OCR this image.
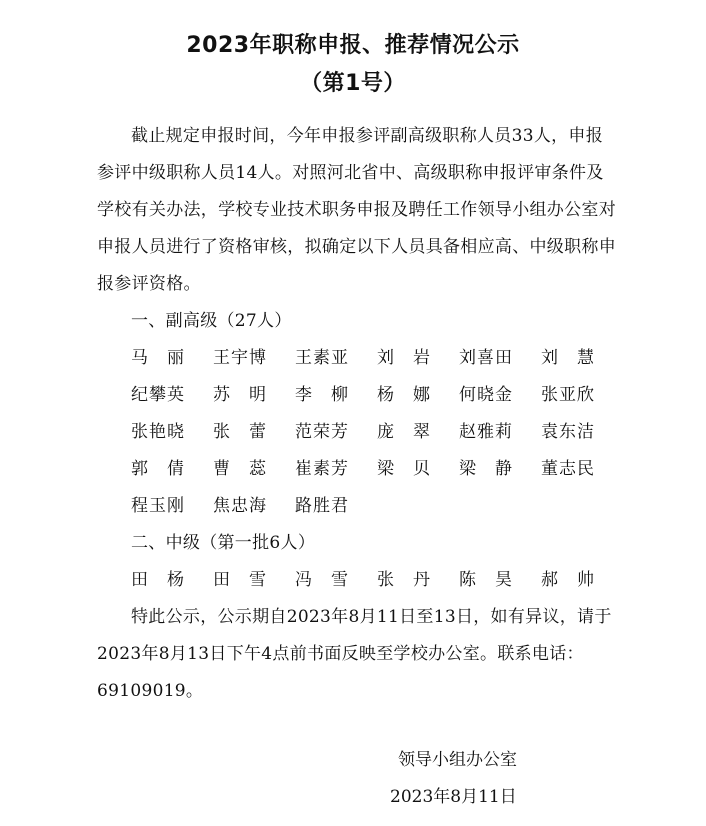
2023年职称申报、推荐情况公示
（第1号）
截止规定申报时间，今年申报参评副高级职称人员33人，申报参评中级职称人员14人。对照河北省中、高级职称申报评审条件及学校有关办法，学校专业技术职务申报及聘任工作领导小组办公室对申报人员进行了资格审核，拟确定以下人员具备相应高、中级职称申报参评资格。
一、副高级（27人）
马丽 王宇博 王素亚 刘岩 刘喜田 刘慧
纪攀英 苏明 李柳 杨娜 何晓金 张亚欣
张艳晓 张蕾 范荣芳 庞翠 赵雅莉 袁东洁
郭倩 曹蕊 崔素芳 梁贝 梁静 董志民
程玉刚 焦忠海 路胜君
二、中级（第一批6人）
田杨 田雪 冯雪 张丹 陈昊 郝帅
特此公示，公示期自2023年8月11日至13日，如有异议，请于2023年8月13日下午4点前书面反映至学校办公室。联系电话：69109019。
领导小组办公室
2023年8月11日
